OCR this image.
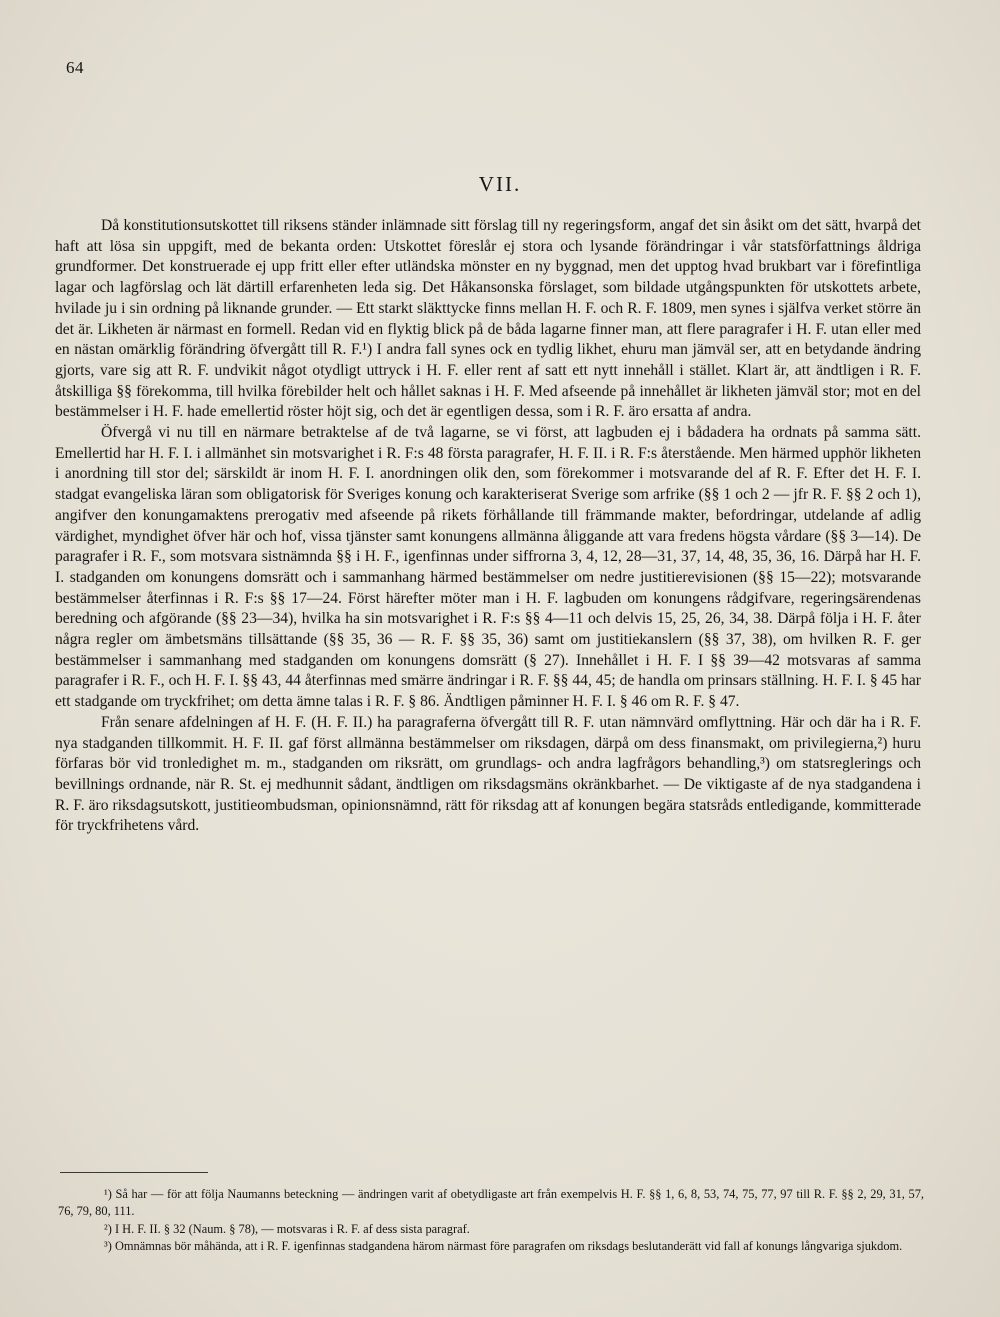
64
VII.

Då konstitutionsutskottet till riksens ständer inlämnade sitt förslag till ny regeringsform, angaf det sin åsikt om det sätt, hvarpå det haft att lösa sin uppgift, med de bekanta orden: Utskottet föreslår ej stora och lysande förändringar i vår statsförfattnings åldriga grundformer. Det konstruerade ej upp fritt eller efter utländska mönster en ny byggnad, men det upptog hvad brukbart var i förefintliga lagar och lagförslag och lät därtill erfarenheten leda sig. Det Håkansonska förslaget, som bildade utgångspunkten för utskottets arbete, hvilade ju i sin ordning på liknande grunder. — Ett starkt släkttycke finns mellan H. F. och R. F. 1809, men synes i själfva verket större än det är. Likheten är närmast en formell. Redan vid en flyktig blick på de båda lagarne finner man, att flere paragrafer i H. F. utan eller med en nästan omärklig förändring öfvergått till R. F.¹) I andra fall synes ock en tydlig likhet, ehuru man jämväl ser, att en betydande ändring gjorts, vare sig att R. F. undvikit något otydligt uttryck i H. F. eller rent af satt ett nytt innehåll i stället. Klart är, att ändtligen i R. F. åtskilliga §§ förekomma, till hvilka förebilder helt och hållet saknas i H. F. Med afseende på innehållet är likheten jämväl stor; mot en del bestämmelser i H. F. hade emellertid röster höjt sig, och det är egentligen dessa, som i R. F. äro ersatta af andra.

Öfvergå vi nu till en närmare betraktelse af de två lagarne, se vi först, att lagbuden ej i bådadera ha ordnats på samma sätt. Emellertid har H. F. I. i allmänhet sin motsvarighet i R. F:s 48 första paragrafer, H. F. II. i R. F:s återstående. Men härmed upphör likheten i anordning till stor del; särskildt är inom H. F. I. anordningen olik den, som förekommer i motsvarande del af R. F. Efter det H. F. I. stadgat evangeliska läran som obligatorisk för Sveriges konung och karakteriserat Sverige som arfrike (§§ 1 och 2 — jfr R. F. §§ 2 och 1), angifver den konungamaktens prerogativ med afseende på rikets förhållande till främmande makter, befordringar, utdelande af adlig värdighet, myndighet öfver här och hof, vissa tjänster samt konungens allmänna åliggande att vara fredens högsta vårdare (§§ 3—14). De paragrafer i R. F., som motsvara sistnämnda §§ i H. F., igenfinnas under siffrorna 3, 4, 12, 28—31, 37, 14, 48, 35, 36, 16. Därpå har H. F. I. stadganden om konungens domsrätt och i sammanhang härmed bestämmelser om nedre justitierevisionen (§§ 15—22); motsvarande bestämmelser återfinnas i R. F:s §§ 17—24. Först härefter möter man i H. F. lagbuden om konungens rådgifvare, regeringsärendenas beredning och afgörande (§§ 23—34), hvilka ha sin motsvarighet i R. F:s §§ 4—11 och delvis 15, 25, 26, 34, 38. Därpå följa i H. F. åter några regler om ämbetsmäns tillsättande (§§ 35, 36 — R. F. §§ 35, 36) samt om justitiekanslern (§§ 37, 38), om hvilken R. F. ger bestämmelser i sammanhang med stadganden om konungens domsrätt (§ 27). Innehållet i H. F. I §§ 39—42 motsvaras af samma paragrafer i R. F., och H. F. I. §§ 43, 44 återfinnas med smärre ändringar i R. F. §§ 44, 45; de handla om prinsars ställning. H. F. I. § 45 har ett stadgande om tryckfrihet; om detta ämne talas i R. F. § 86. Ändtligen påminner H. F. I. § 46 om R. F. § 47.

Från senare afdelningen af H. F. (H. F. II.) ha paragraferna öfvergått till R. F. utan nämnvärd omflyttning. Här och där ha i R. F. nya stadganden tillkommit. H. F. II. gaf först allmänna bestämmelser om riksdagen, därpå om dess finansmakt, om privilegierna,²) huru förfaras bör vid tronledighet m. m., stadganden om riksrätt, om grundlags- och andra lagfrågors behandling,³) om statsreglerings och bevillnings ordnande, när R. St. ej medhunnit sådant, ändtligen om riksdagsmäns okränkbarhet. — De viktigaste af de nya stadgandena i R. F. äro riksdagsutskott, justitieombudsman, opinionsnämnd, rätt för riksdag att af konungen begära statsråds entledigande, kommitterade för tryckfrihetens vård.

¹) Så har — för att följa Naumanns beteckning — ändringen varit af obetydligaste art från exempelvis H. F. §§ 1, 6, 8, 53, 74, 75, 77, 97 till R. F. §§ 2, 29, 31, 57, 76, 79, 80, 111.

²) I H. F. II. § 32 (Naum. § 78), — motsvaras i R. F. af dess sista paragraf.

³) Omnämnas bör måhända, att i R. F. igenfinnas stadgandena härom närmast före paragrafen om riksdags beslutanderätt vid fall af konungs långvariga sjukdom.
